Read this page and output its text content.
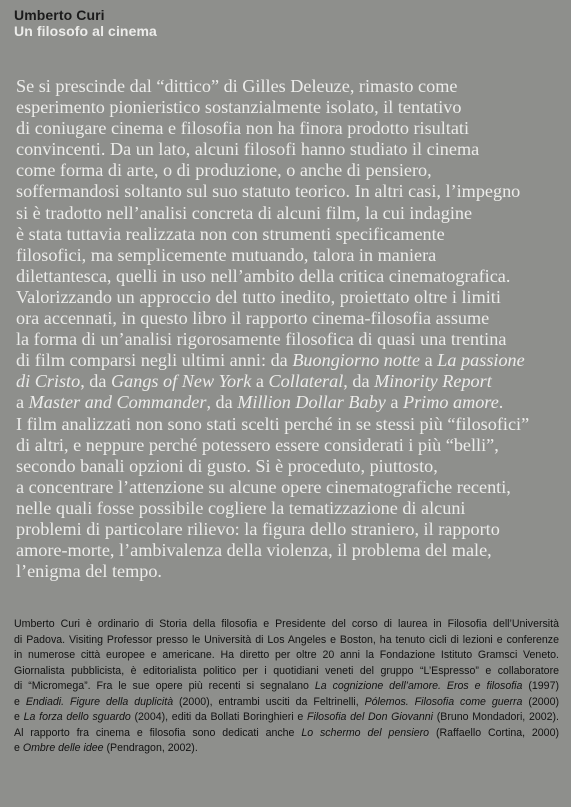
Umberto Curi
Un filosofo al cinema
Se si prescinde dal “dittico” di Gilles Deleuze, rimasto come
esperimento pionieristico sostanzialmente isolato, il tentativo
di coniugare cinema e filosofia non ha finora prodotto risultati
convincenti. Da un lato, alcuni filosofi hanno studiato il cinema
come forma di arte, o di produzione, o anche di pensiero,
soffermandosi soltanto sul suo statuto teorico. In altri casi, l’impegno
si è tradotto nell’analisi concreta di alcuni film, la cui indagine
è stata tuttavia realizzata non con strumenti specificamente
filosofici, ma semplicemente mutuando, talora in maniera
dilettantesca, quelli in uso nell’ambito della critica cinematografica.
Valorizzando un approccio del tutto inedito, proiettato oltre i limiti
ora accennati, in questo libro il rapporto cinema-filosofia assume
la forma di un’analisi rigorosamente filosofica di quasi una trentina
di film comparsi negli ultimi anni: da Buongiorno notte a La passione
di Cristo, da Gangs of New York a Collateral, da Minority Report
a Master and Commander, da Million Dollar Baby a Primo amore.
I film analizzati non sono stati scelti perché in se stessi più “filosofici”
di altri, e neppure perché potessero essere considerati i più “belli”,
secondo banali opzioni di gusto. Si è proceduto, piuttosto,
a concentrare l’attenzione su alcune opere cinematografiche recenti,
nelle quali fosse possibile cogliere la tematizzazione di alcuni
problemi di particolare rilievo: la figura dello straniero, il rapporto
amore-morte, l’ambivalenza della violenza, il problema del male,
l’enigma del tempo.
Umberto Curi è ordinario di Storia della filosofia e Presidente del corso di laurea in Filosofia dell’Università
di Padova. Visiting Professor presso le Università di Los Angeles e Boston, ha tenuto cicli di lezioni e conferenze
in numerose città europee e americane. Ha diretto per oltre 20 anni la Fondazione Istituto Gramsci Veneto.
Giornalista pubblicista, è editorialista politico per i quotidiani veneti del gruppo “L’Espresso” e collaboratore
di “Micromega”. Fra le sue opere più recenti si segnalano La cognizione dell’amore. Eros e filosofia (1997)
e Endiadi. Figure della duplicità (2000), entrambi usciti da Feltrinelli, Pólemos. Filosofia come guerra (2000)
e La forza dello sguardo (2004), editi da Bollati Boringhieri e Filosofia del Don Giovanni (Bruno Mondadori, 2002).
Al rapporto fra cinema e filosofia sono dedicati anche Lo schermo del pensiero (Raffaello Cortina, 2000)
e Ombre delle idee (Pendragon, 2002).
